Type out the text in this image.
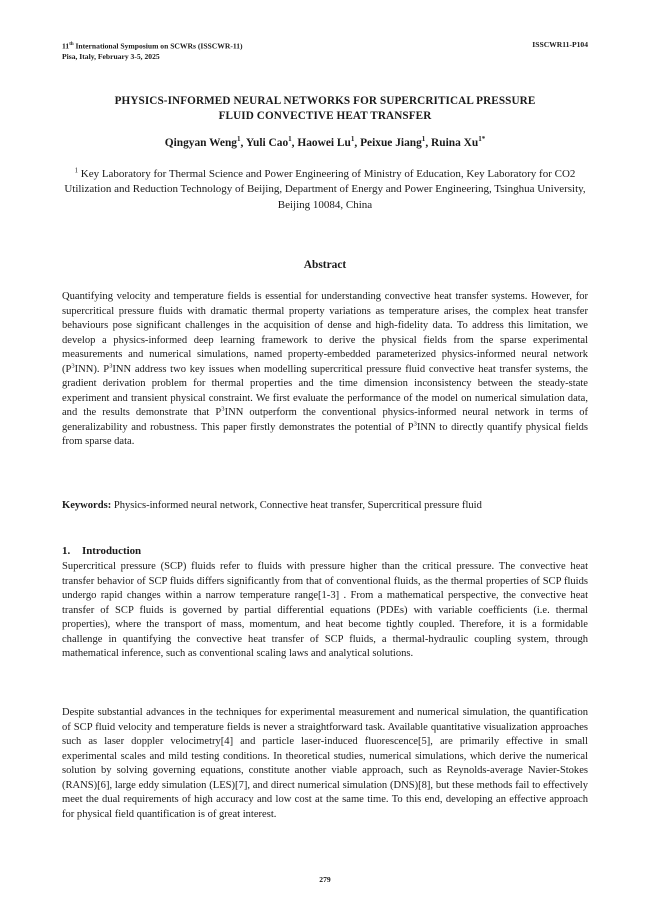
11th International Symposium on SCWRs (ISSCWR-11)
Pisa, Italy, February 3-5, 2025
ISSCWR11-P104
PHYSICS-INFORMED NEURAL NETWORKS FOR SUPERCRITICAL PRESSURE
FLUID CONVECTIVE HEAT TRANSFER
Qingyan Weng$^1$, Yuli Cao$^1$, Haowei Lu$^1$, Peixue Jiang$^1$, Ruina $Xu^{1*}$
$^1$ Key Laboratory for Thermal Science and Power Engineering of Ministry of Education, Key Laboratory for CO2 Utilization and Reduction Technology of Beijing, Department of Energy and Power Engineering, Tsinghua University, Beijing 10084, China
Abstract
Quantifying velocity and temperature fields is essential for understanding convective heat transfer systems. However, for supercritical pressure fluids with dramatic thermal property variations as temperature arises, the complex heat transfer behaviours pose significant challenges in the acquisition of dense and high-fidelity data. To address this limitation, we develop a physics-informed deep learning framework to derive the physical fields from the sparse experimental measurements and numerical simulations, named property-embedded parameterized physics-informed neural network $(P^3INN)$. $P^3INN$ address two key issues when modelling supercritical pressure fluid convective heat transfer systems, the gradient derivation problem for thermal properties and the time dimension inconsistency between the steady-state experiment and transient physical constraint. We first evaluate the performance of the model on numerical simulation data, and the results demonstrate that $P^3INN$ outperform the conventional physics-informed neural network in terms of generalizability and robustness. This paper firstly demonstrates the potential of $P^3INN$ to directly quantify physical fields from sparse data.
Keywords: Physics-informed neural network, Connective heat transfer, Supercritical pressure fluid
1. Introduction
Supercritical pressure (SCP) fluids refer to fluids with pressure higher than the critical pressure. The convective heat transfer behavior of SCP fluids differs significantly from that of conventional fluids, as the thermal properties of SCP fluids undergo rapid changes within a narrow temperature range[1-3] . From a mathematical perspective, the convective heat transfer of SCP fluids is governed by partial differential equations (PDEs) with variable coefficients (i.e. thermal properties), where the transport of mass, momentum, and heat become tightly coupled. Therefore, it is a formidable challenge in quantifying the convective heat transfer of SCP fluids, a thermal-hydraulic coupling system, through mathematical inference, such as conventional scaling laws and analytical solutions.
Despite substantial advances in the techniques for experimental measurement and numerical simulation, the quantification of SCP fluid velocity and temperature fields is never a straightforward task. Available quantitative visualization approaches such as laser doppler velocimetry[4] and particle laser-induced fluorescence[5], are primarily effective in small experimental scales and mild testing conditions. In theoretical studies, numerical simulations, which derive the numerical solution by solving governing equations, constitute another viable approach, such as Reynolds-average Navier-Stokes (RANS)[6], large eddy simulation (LES)[7], and direct numerical simulation (DNS)[8], but these methods fail to effectively meet the dual requirements of high accuracy and low cost at the same time. To this end, developing an effective approach for physical field quantification is of great interest.
279
